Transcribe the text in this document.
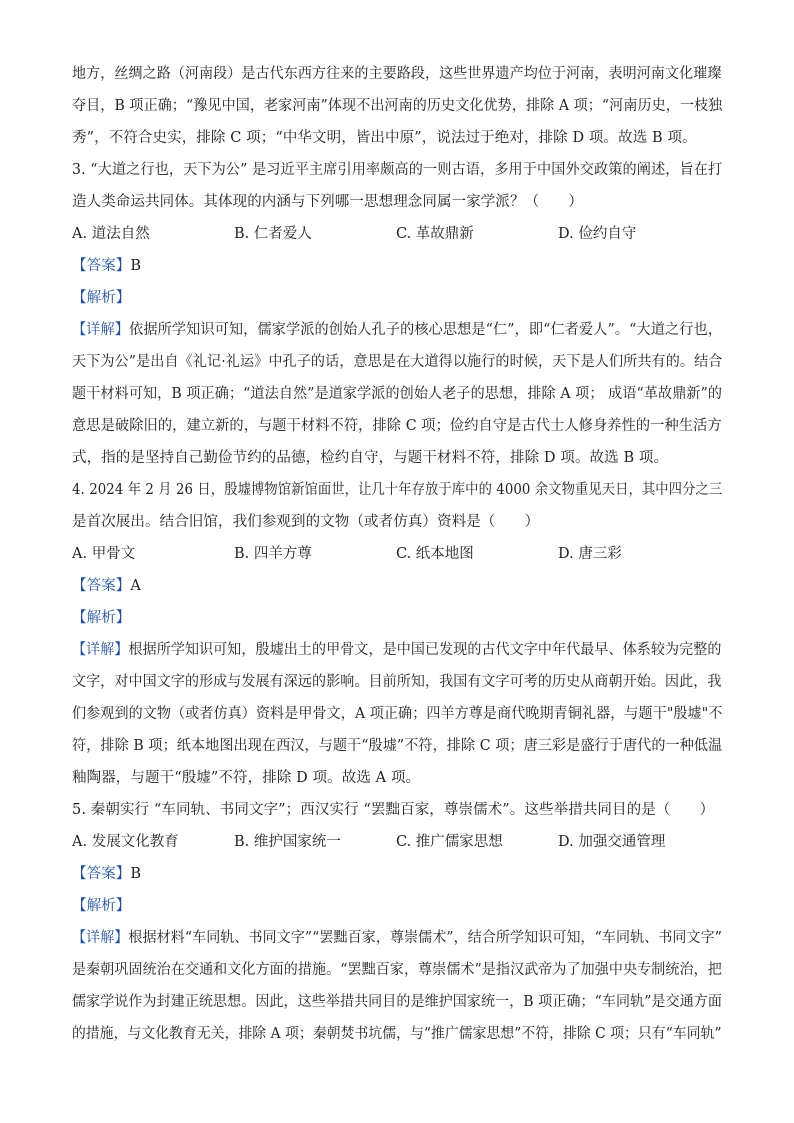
地方，丝绸之路（河南段）是古代东西方往来的主要路段，这些世界遗产均位于河南，表明河南文化璀璨
夺目，B 项正确；“豫见中国，老家河南”体现不出河南的历史文化优势，排除 A 项；“河南历史，一枝独
秀”，不符合史实，排除 C 项；“中华文明，皆出中原”，说法过于绝对，排除 D 项。故选 B 项。
3. “大道之行也，天下为公” 是习近平主席引用率颇高的一则古语，多用于中国外交政策的阐述，旨在打
造人类命运共同体。其体现的内涵与下列哪一思想理念同属一家学派？（　　）
A. 道法自然	B. 仁者爱人	C. 革故鼎新	D. 俭约自守
【答案】B
【解析】
【详解】依据所学知识可知，儒家学派的创始人孔子的核心思想是“仁”，即“仁者爱人”。“大道之行也，
天下为公”是出自《礼记·礼运》中孔子的话，意思是在大道得以施行的时候，天下是人们所共有的。结合
题干材料可知，B 项正确；“道法自然”是道家学派的创始人老子的思想，排除 A 项； 成语“革故鼎新”的
意思是破除旧的，建立新的，与题干材料不符，排除 C 项；俭约自守是古代士人修身养性的一种生活方
式，指的是坚持自己勤俭节约的品德，检约自守，与题干材料不符，排除 D 项。故选 B 项。
4. 2024 年 2 月 26 日，殷墟博物馆新馆面世，让几十年存放于库中的 4000 余文物重见天日，其中四分之三
是首次展出。结合旧馆，我们参观到的文物（或者仿真）资料是（　　）
A. 甲骨文	B. 四羊方尊	C. 纸本地图	D. 唐三彩
【答案】A
【解析】
【详解】根据所学知识可知，殷墟出土的甲骨文，是中国已发现的古代文字中年代最早、体系较为完整的
文字，对中国文字的形成与发展有深远的影响。目前所知，我国有文字可考的历史从商朝开始。因此，我
们参观到的文物（或者仿真）资料是甲骨文，A 项正确；四羊方尊是商代晚期青铜礼器，与题干"殷墟"不
符，排除 B 项；纸本地图出现在西汉，与题干“殷墟”不符，排除 C 项；唐三彩是盛行于唐代的一种低温
釉陶器，与题干“殷墟”不符，排除 D 项。故选 A 项。
5. 秦朝实行 “车同轨、书同文字”；西汉实行 “罢黜百家，尊崇儒术”。这些举措共同目的是（　　）
A. 发展文化教育	B. 维护国家统一	C. 推广儒家思想	D. 加强交通管理
【答案】B
【解析】
【详解】根据材料“车同轨、书同文字”“罢黜百家，尊崇儒术”，结合所学知识可知，“车同轨、书同文字”
是秦朝巩固统治在交通和文化方面的措施。“罢黜百家，尊崇儒术”是指汉武帝为了加强中央专制统治，把
儒家学说作为封建正统思想。因此，这些举措共同目的是维护国家统一，B 项正确；“车同轨”是交通方面
的措施，与文化教育无关，排除 A 项；秦朝焚书坑儒，与“推广儒家思想”不符，排除 C 项；只有“车同轨”
